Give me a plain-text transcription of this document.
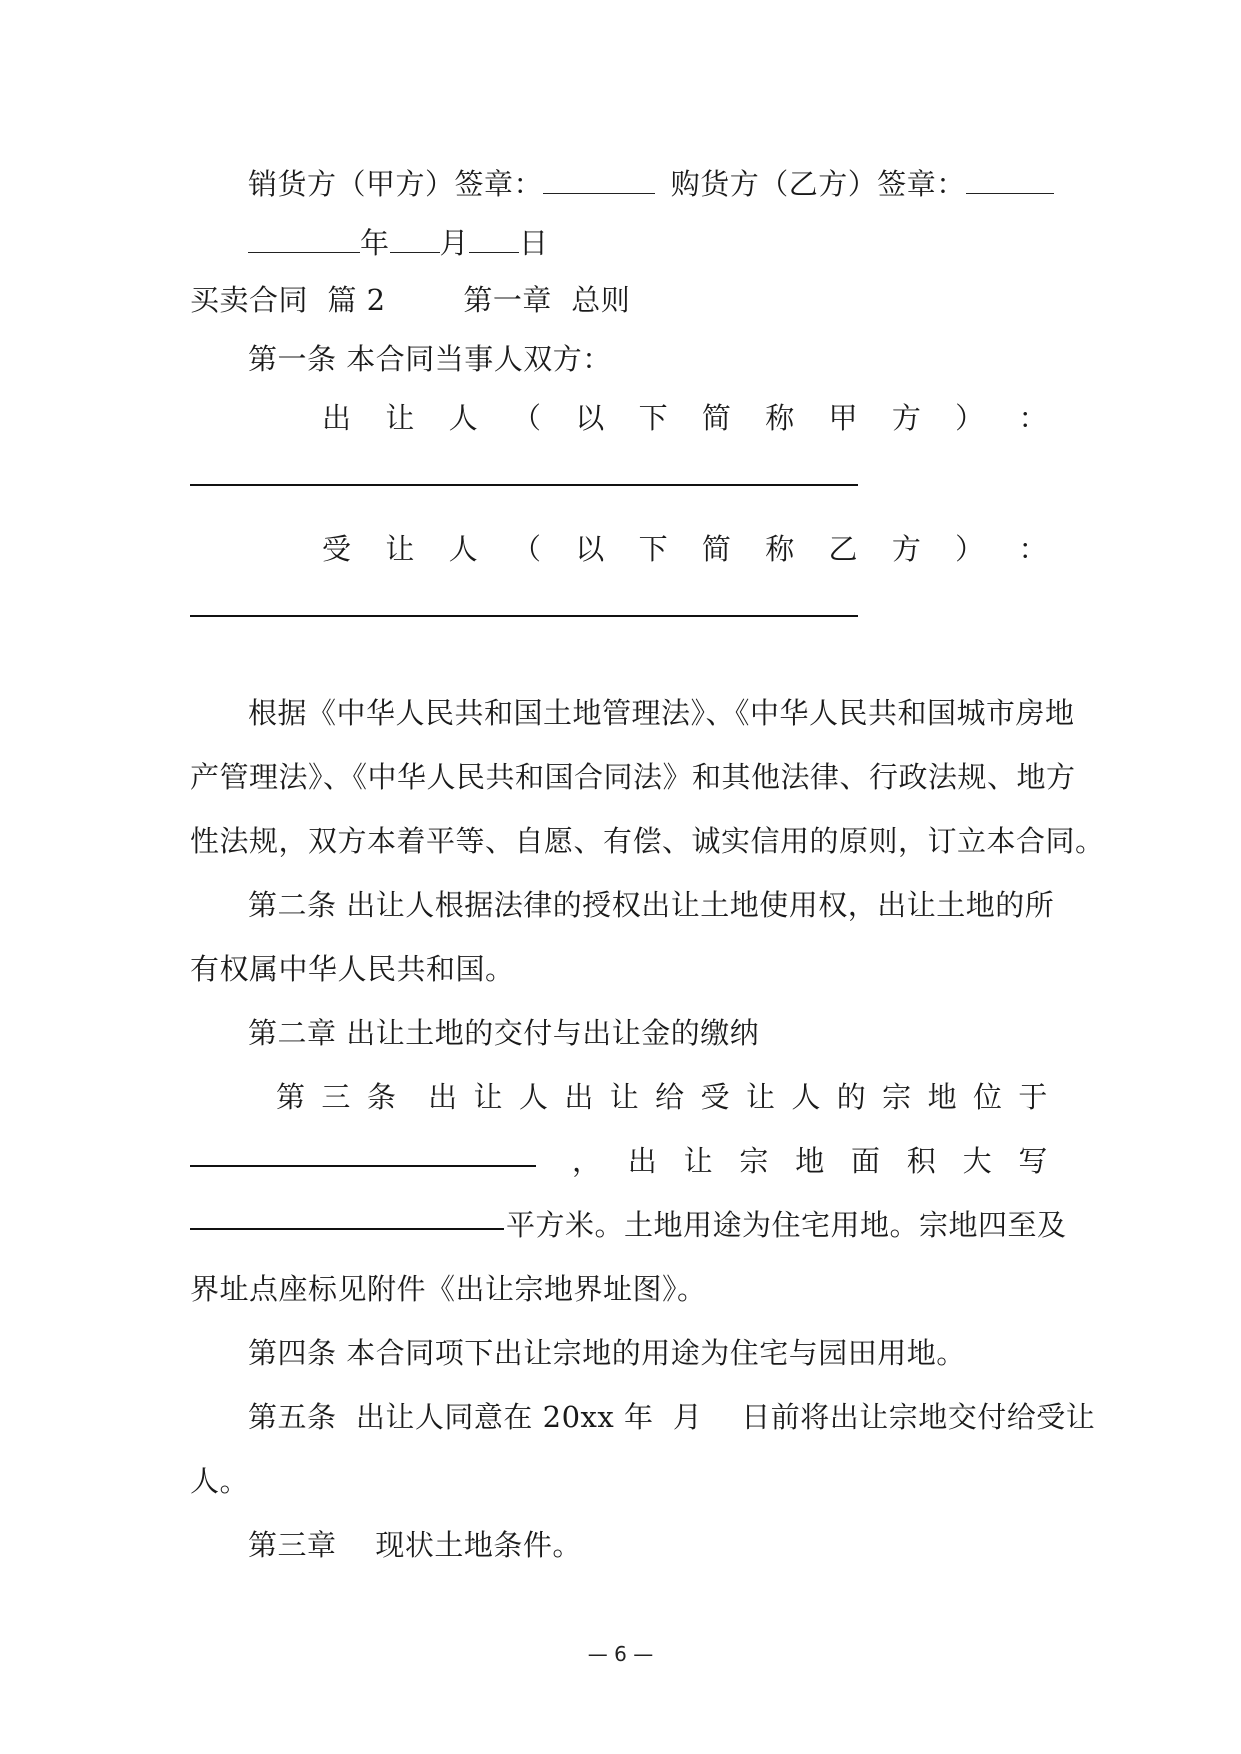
销货方（甲方）签章：	购货方（乙方）签章：
年 月 日
买卖合同  篇 2        第一章  总则
第一条 本合同当事人双方：
出 让 人 （ 以 下 简 称 甲 方 ） ：
受 让 人 （ 以 下 简 称 乙 方 ） ：
根据《中华人民共和国土地管理法》、《中华人民共和国城市房地
产管理法》、《中华人民共和国合同法》和其他法律、行政法规、地方
性法规，双方本着平等、自愿、有偿、诚实信用的原则，订立本合同。
第二条 出让人根据法律的授权出让土地使用权，出让土地的所
有权属中华人民共和国。
第二章 出让土地的交付与出让金的缴纳
第 三 条 出 让 人 出 让 给 受 让 人 的 宗 地 位 于
， 出 让 宗 地 面 积 大 写
平方米。土地用途为住宅用地。宗地四至及
界址点座标见附件《出让宗地界址图》。
第四条 本合同项下出让宗地的用途为住宅与园田用地。
第五条  出让人同意在 20xx 年  月    日前将出让宗地交付给受让
人。
第三章    现状土地条件。
— 6 —
